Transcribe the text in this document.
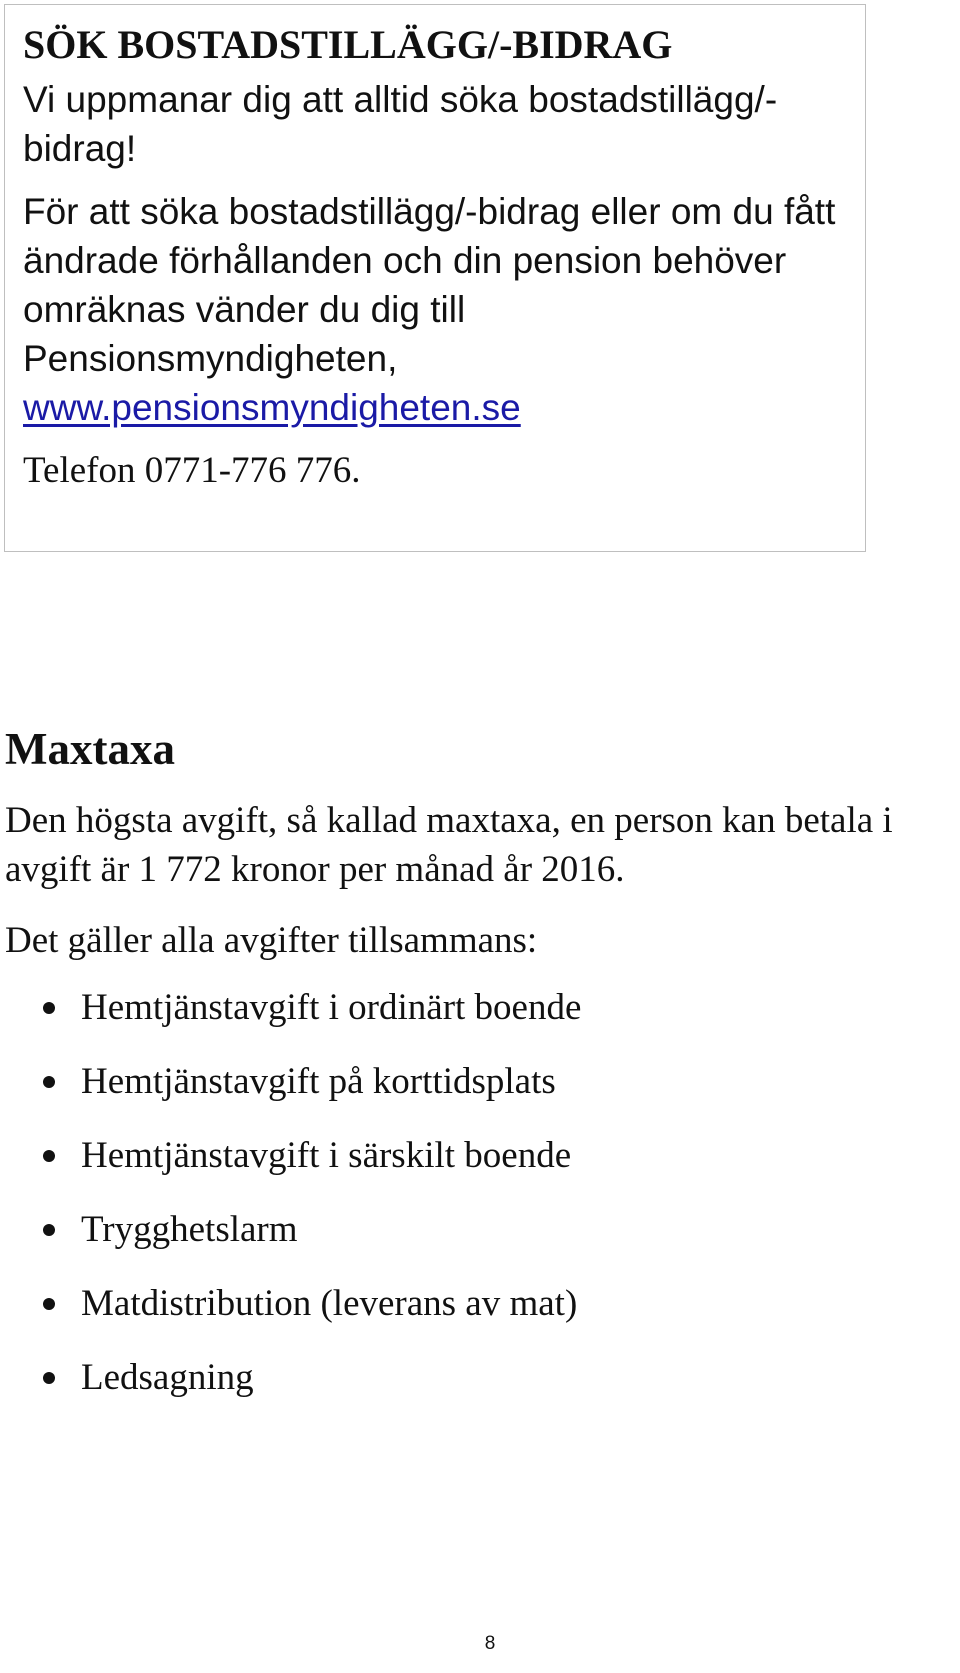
SÖK BOSTADSTILLÄGG/-BIDRAG

Vi uppmanar dig att alltid söka bostadstillägg/-bidrag!

För att söka bostadstillägg/-bidrag eller om du fått ändrade förhållanden och din pension behöver omräknas vänder du dig till Pensionsmyndigheten,
www.pensionsmyndigheten.se

Telefon 0771-776 776.

Maxtaxa

Den högsta avgift, så kallad maxtaxa, en person kan betala i avgift är 1 772 kronor per månad år 2016.

Det gäller alla avgifter tillsammans:

Hemtjänstavgift i ordinärt boende
Hemtjänstavgift på korttidsplats
Hemtjänstavgift i särskilt boende
Trygghetslarm
Matdistribution (leverans av mat)
Ledsagning
8
